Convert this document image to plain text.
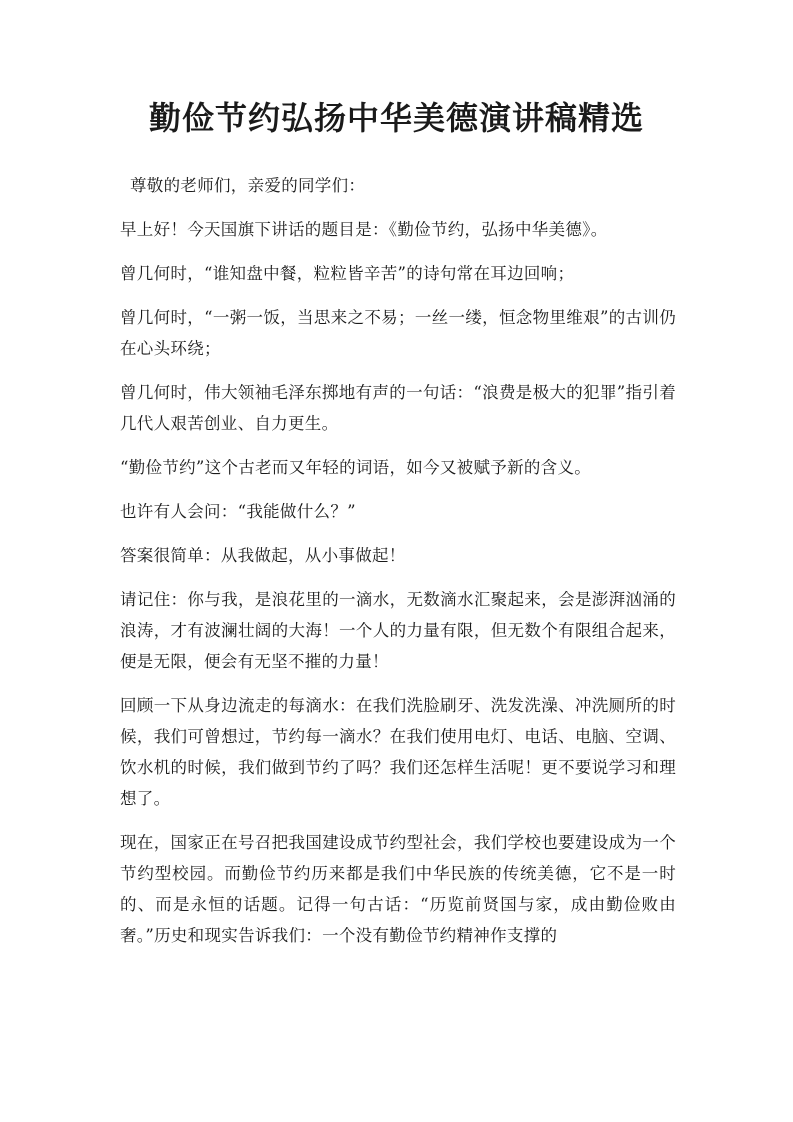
勤俭节约弘扬中华美德演讲稿精选

尊敬的老师们，亲爱的同学们：

早上好！今天国旗下讲话的题目是：《勤俭节约，弘扬中华美德》。

曾几何时，“谁知盘中餐，粒粒皆辛苦”的诗句常在耳边回响；

曾几何时，“一粥一饭，当思来之不易；一丝一缕，恒念物里维艰”的古训仍在心头环绕；

曾几何时，伟大领袖毛泽东掷地有声的一句话：“浪费是极大的犯罪”指引着几代人艰苦创业、自力更生。

“勤俭节约”这个古老而又年轻的词语，如今又被赋予新的含义。

也许有人会问：“我能做什么？”

答案很简单：从我做起，从小事做起！

请记住：你与我，是浪花里的一滴水，无数滴水汇聚起来，会是澎湃汹涌的浪涛，才有波澜壮阔的大海！一个人的力量有限，但无数个有限组合起来，便是无限，便会有无坚不摧的力量！

回顾一下从身边流走的每滴水：在我们洗脸刷牙、洗发洗澡、冲洗厕所的时候，我们可曾想过，节约每一滴水？在我们使用电灯、电话、电脑、空调、饮水机的时候，我们做到节约了吗？我们还怎样生活呢！更不要说学习和理想了。

现在，国家正在号召把我国建设成节约型社会，我们学校也要建设成为一个节约型校园。而勤俭节约历来都是我们中华民族的传统美德，它不是一时的、而是永恒的话题。记得一句古话：“历览前贤国与家，成由勤俭败由奢。”历史和现实告诉我们：一个没有勤俭节约精神作支撑的
